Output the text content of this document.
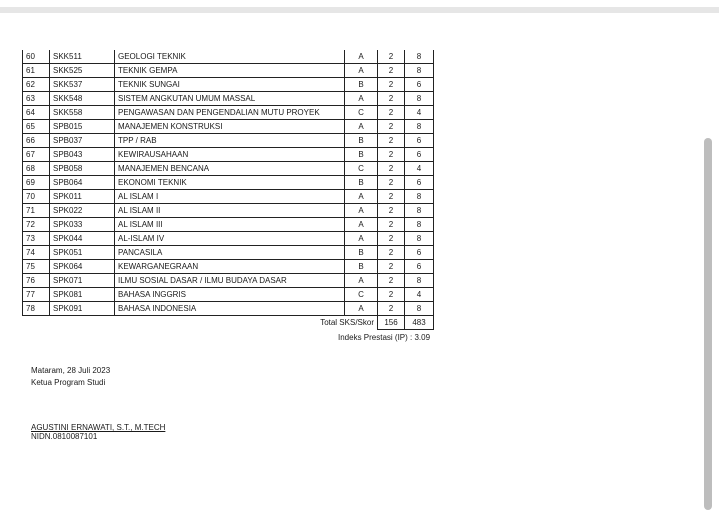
60	SKK511	GEOLOGI TEKNIK	A	2	8
61	SKK525	TEKNIK GEMPA	A	2	8
62	SKK537	TEKNIK SUNGAI	B	2	6
63	SKK548	SISTEM ANGKUTAN UMUM MASSAL	A	2	8
64	SKK558	PENGAWASAN DAN PENGENDALIAN MUTU PROYEK	C	2	4
65	SPB015	MANAJEMEN KONSTRUKSI	A	2	8
66	SPB037	TPP / RAB	B	2	6
67	SPB043	KEWIRAUSAHAAN	B	2	6
68	SPB058	MANAJEMEN BENCANA	C	2	4
69	SPB064	EKONOMI TEKNIK	B	2	6
70	SPK011	AL ISLAM I	A	2	8
71	SPK022	AL ISLAM II	A	2	8
72	SPK033	AL ISLAM III	A	2	8
73	SPK044	AL-ISLAM IV	A	2	8
74	SPK051	PANCASILA	B	2	6
75	SPK064	KEWARGANEGRAAN	B	2	6
76	SPK071	ILMU SOSIAL DASAR / ILMU BUDAYA DASAR	A	2	8
77	SPK081	BAHASA INGGRIS	C	2	4
78	SPK091	BAHASA INDONESIA	A	2	8
		Total SKS/Skor		156	483
Indeks Prestasi (IP) : 3.09
Mataram, 28 Juli 2023
Ketua Program Studi
AGUSTINI ERNAWATI, S.T., M.TECH
NIDN.0810087101
